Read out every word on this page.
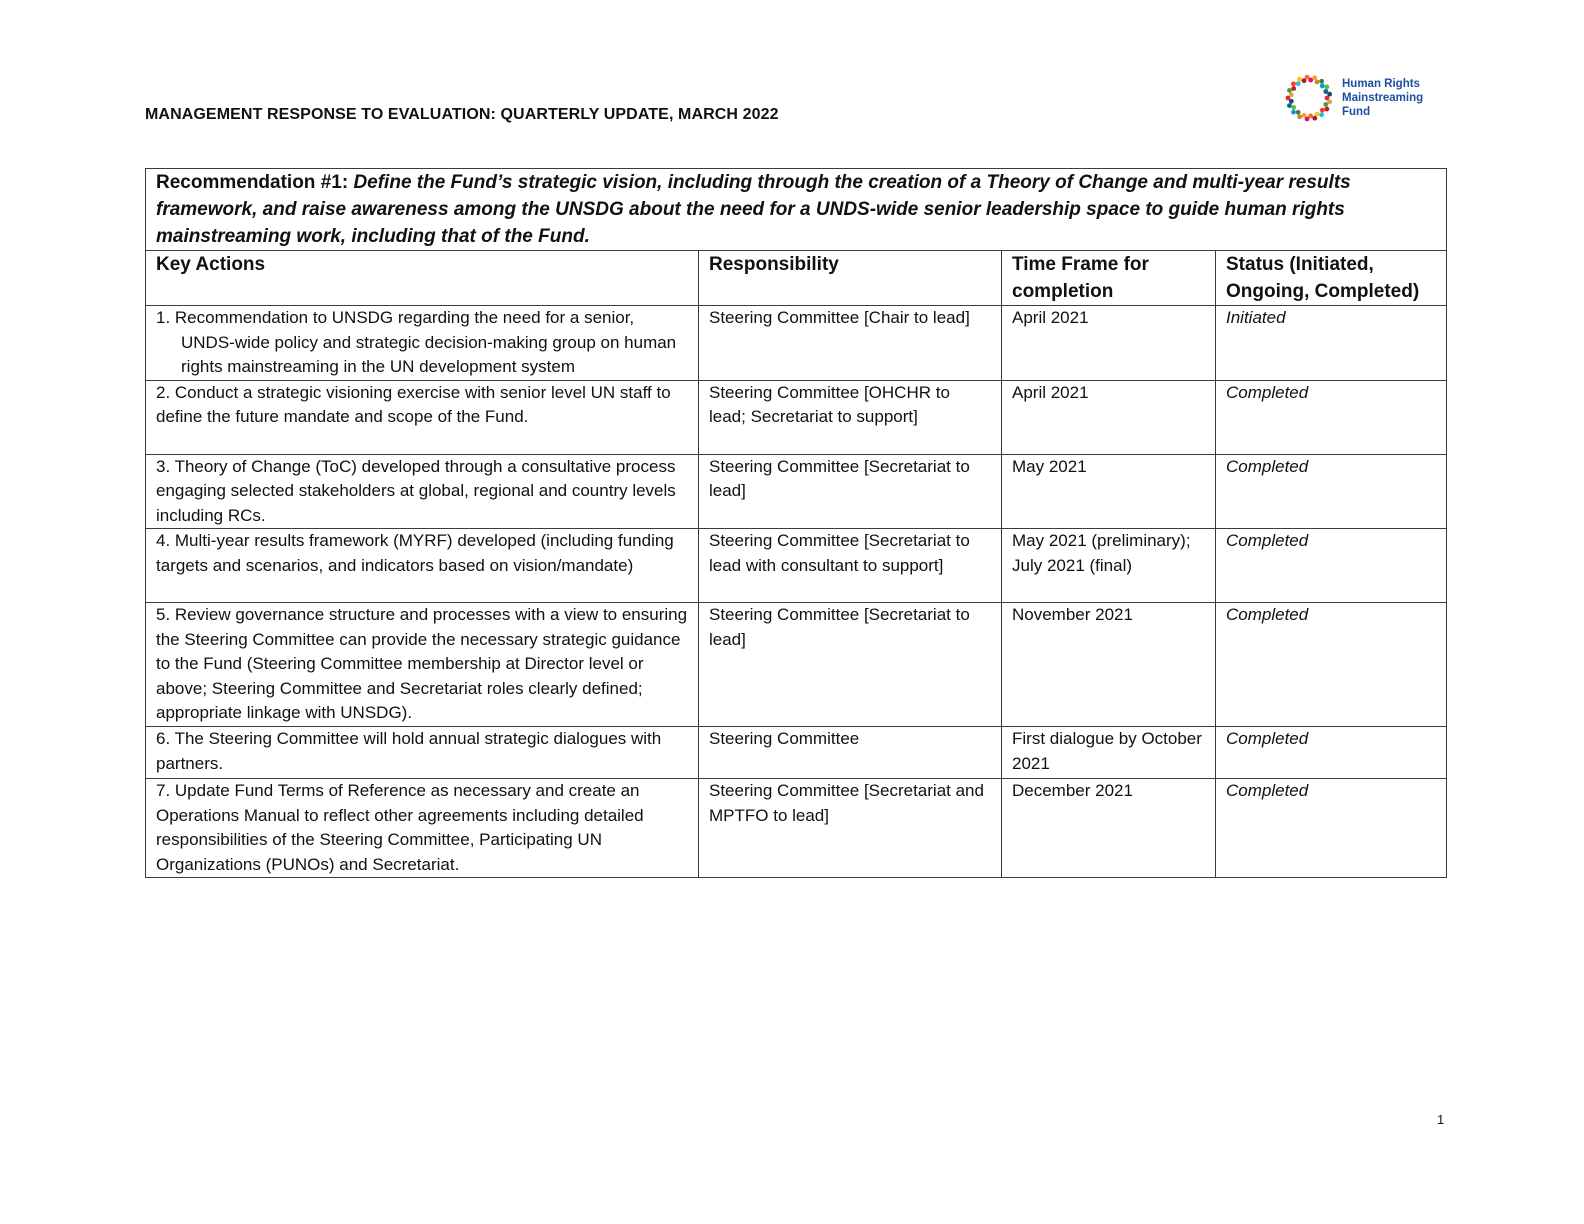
MANAGEMENT RESPONSE TO EVALUATION: QUARTERLY UPDATE, MARCH 2022
Human Rights
Mainstreaming
Fund
Recommendation #1: Define the Fund’s strategic vision, including through the creation of a Theory of Change and multi-year results framework, and raise awareness among the UNSDG about the need for a UNDS-wide senior leadership space to guide human rights mainstreaming work, including that of the Fund.			
Key Actions	Responsibility	Time Frame for completion	Status (Initiated, Ongoing, Completed)

1. Recommendation to UNSDG regarding the need for a senior, UNDS-wide policy and strategic decision-making group on human rights mainstreaming in the UN development system	Steering Committee [Chair to lead]	April 2021	Initiated
2. Conduct a strategic visioning exercise with senior level UN staff to define the future mandate and scope of the Fund.	Steering Committee [OHCHR to lead; Secretariat to support]	April 2021	Completed
3. Theory of Change (ToC) developed through a consultative process engaging selected stakeholders at global, regional and country levels including RCs.	Steering Committee [Secretariat to lead]	May 2021	Completed
4. Multi-year results framework (MYRF) developed (including funding targets and scenarios, and indicators based on vision/mandate)	Steering Committee [Secretariat to lead with consultant to support]	May 2021 (preliminary); July 2021 (final)	Completed
5. Review governance structure and processes with a view to ensuring the Steering Committee can provide the necessary strategic guidance to the Fund (Steering Committee membership at Director level or above; Steering Committee and Secretariat roles clearly defined; appropriate linkage with UNSDG).	Steering Committee [Secretariat to lead]	November 2021	Completed
6. The Steering Committee will hold annual strategic dialogues with partners.	Steering Committee	First dialogue by October 2021	Completed
7. Update Fund Terms of Reference as necessary and create an Operations Manual to reflect other agreements including detailed responsibilities of the Steering Committee, Participating UN Organizations (PUNOs) and Secretariat.	Steering Committee [Secretariat and MPTFO to lead]	December 2021	Completed
1
